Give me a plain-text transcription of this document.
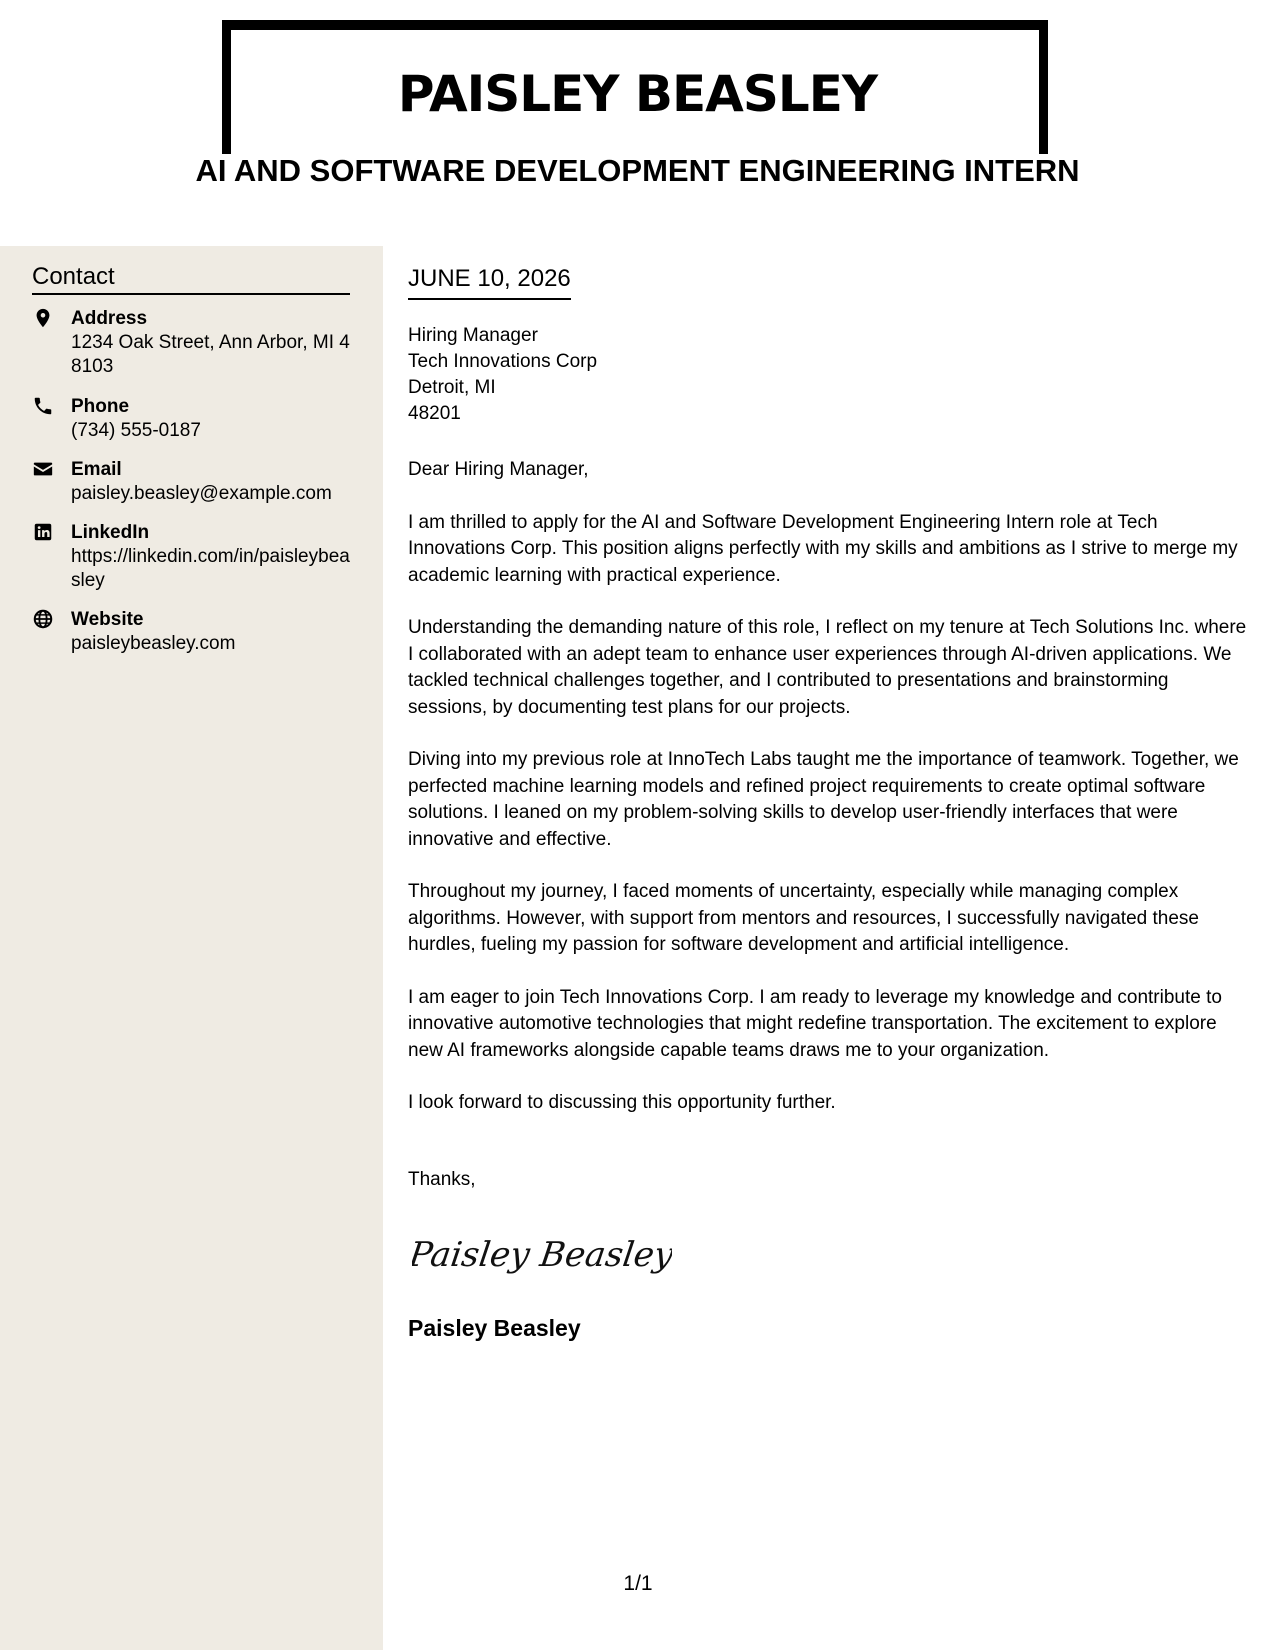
PAISLEY BEASLEY
AI AND SOFTWARE DEVELOPMENT ENGINEERING INTERN
Contact
Address
1234 Oak Street, Ann Arbor, MI 48103
Phone
(734) 555-0187
Email
paisley.beasley@example.com
LinkedIn
https://linkedin.com/in/paisleybeasley
Website
paisleybeasley.com
JUNE 10, 2026
Hiring Manager
Tech Innovations Corp
Detroit, MI
48201

Dear Hiring Manager,

I am thrilled to apply for the AI and Software Development Engineering Intern role at Tech Innovations Corp. This position aligns perfectly with my skills and ambitions as I strive to merge my academic learning with practical experience.

Understanding the demanding nature of this role, I reflect on my tenure at Tech Solutions Inc. where I collaborated with an adept team to enhance user experiences through AI-driven applications. We tackled technical challenges together, and I contributed to presentations and brainstorming sessions, by documenting test plans for our projects.

Diving into my previous role at InnoTech Labs taught me the importance of teamwork. Together, we perfected machine learning models and refined project requirements to create optimal software solutions. I leaned on my problem-solving skills to develop user-friendly interfaces that were innovative and effective.

Throughout my journey, I faced moments of uncertainty, especially while managing complex algorithms. However, with support from mentors and resources, I successfully navigated these hurdles, fueling my passion for software development and artificial intelligence.

I am eager to join Tech Innovations Corp. I am ready to leverage my knowledge and contribute to innovative automotive technologies that might redefine transportation. The excitement to explore new AI frameworks alongside capable teams draws me to your organization.

I look forward to discussing this opportunity further.

Thanks,
Paisley Beasley
Paisley Beasley
1/1
